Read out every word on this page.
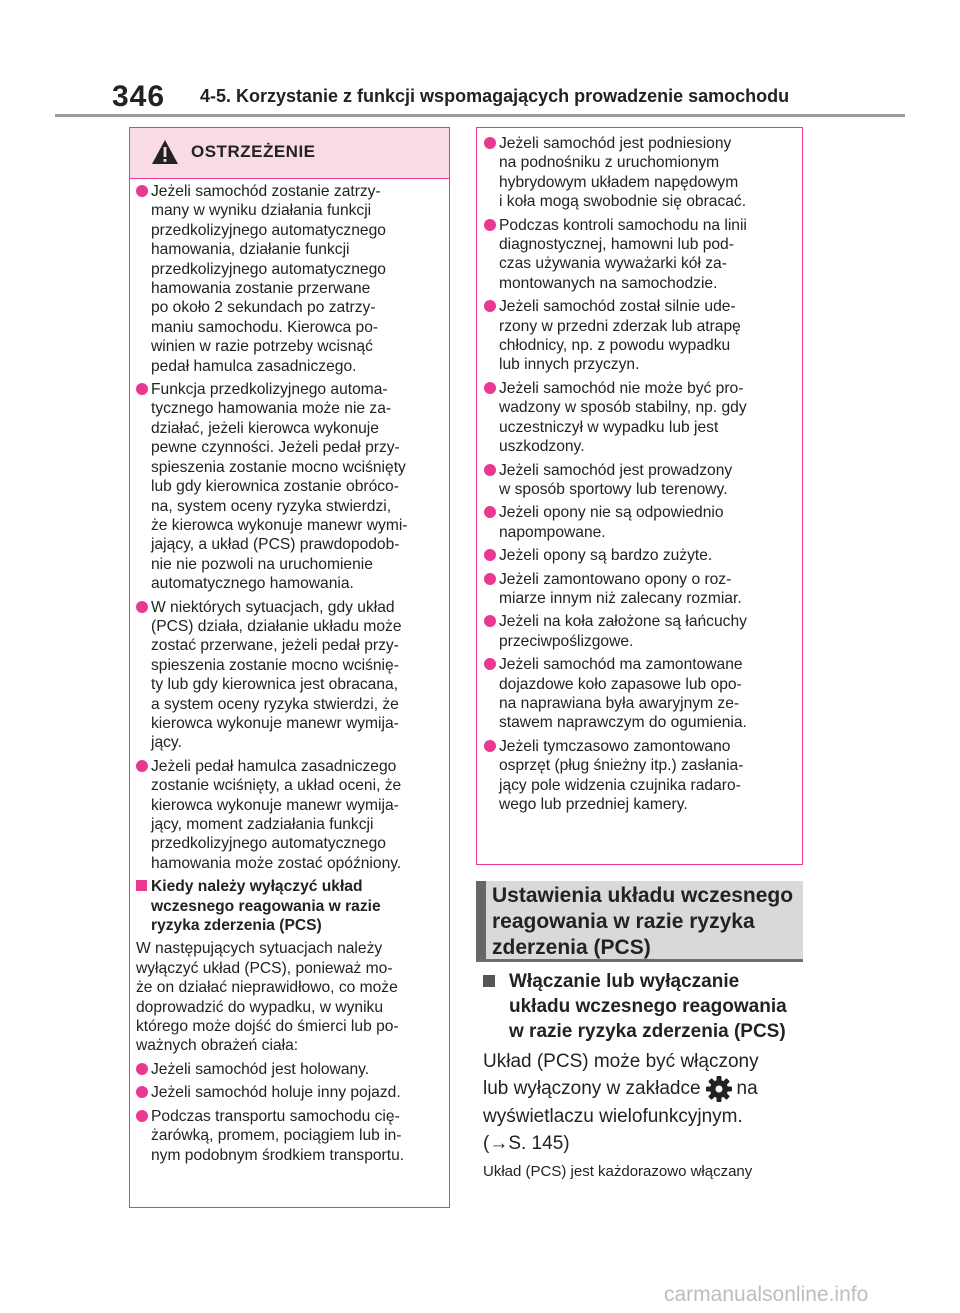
346 4-5. Korzystanie z funkcji wspomagających prowadzenie samochodu
OSTRZEŻENIE
Jeżeli samochód zostanie zatrzy-
many w wyniku działania funkcji
przedkolizyjnego automatycznego
hamowania, działanie funkcji
przedkolizyjnego automatycznego
hamowania zostanie przerwane
po około 2 sekundach po zatrzy-
maniu samochodu. Kierowca po-
winien w razie potrzeby wcisnąć
pedał hamulca zasadniczego.
Funkcja przedkolizyjnego automa-
tycznego hamowania może nie za-
działać, jeżeli kierowca wykonuje
pewne czynności. Jeżeli pedał przy-
spieszenia zostanie mocno wciśnięty
lub gdy kierownica zostanie obróco-
na, system oceny ryzyka stwierdzi,
że kierowca wykonuje manewr wymi-
jający, a układ (PCS) prawdopodob-
nie nie pozwoli na uruchomienie
automatycznego hamowania.
W niektórych sytuacjach, gdy układ
(PCS) działa, działanie układu może
zostać przerwane, jeżeli pedał przy-
spieszenia zostanie mocno wciśnię-
ty lub gdy kierownica jest obracana,
a system oceny ryzyka stwierdzi, że
kierowca wykonuje manewr wymija-
jący.
Jeżeli pedał hamulca zasadniczego
zostanie wciśnięty, a układ oceni, że
kierowca wykonuje manewr wymija-
jący, moment zadziałania funkcji
przedkolizyjnego automatycznego
hamowania może zostać opóźniony.
Kiedy należy wyłączyć układ
wczesnego reagowania w razie
ryzyka zderzenia (PCS)
W następujących sytuacjach należy
wyłączyć układ (PCS), ponieważ mo-
że on działać nieprawidłowo, co może
doprowadzić do wypadku, w wyniku
którego może dojść do śmierci lub po-
ważnych obrażeń ciała:
Jeżeli samochód jest holowany.
Jeżeli samochód holuje inny pojazd.
Podczas transportu samochodu cię-
żarówką, promem, pociągiem lub in-
nym podobnym środkiem transportu.
Jeżeli samochód jest podniesiony
na podnośniku z uruchomionym
hybrydowym układem napędowym
i koła mogą swobodnie się obracać.
Podczas kontroli samochodu na linii
diagnostycznej, hamowni lub pod-
czas używania wyważarki kół za-
montowanych na samochodzie.
Jeżeli samochód został silnie ude-
rzony w przedni zderzak lub atrapę
chłodnicy, np. z powodu wypadku
lub innych przyczyn.
Jeżeli samochód nie może być pro-
wadzony w sposób stabilny, np. gdy
uczestniczył w wypadku lub jest
uszkodzony.
Jeżeli samochód jest prowadzony
w sposób sportowy lub terenowy.
Jeżeli opony nie są odpowiednio
napompowane.
Jeżeli opony są bardzo zużyte.
Jeżeli zamontowano opony o roz-
miarze innym niż zalecany rozmiar.
Jeżeli na koła założone są łańcuchy
przeciwpoślizgowe.
Jeżeli samochód ma zamontowane
dojazdowe koło zapasowe lub opo-
na naprawiana była awaryjnym ze-
stawem naprawczym do ogumienia.
Jeżeli tymczasowo zamontowano
osprzęt (pług śnieżny itp.) zasłania-
jący pole widzenia czujnika radaro-
wego lub przedniej kamery.
Ustawienia układu wczesnego
reagowania w razie ryzyka
zderzenia (PCS)
Włączanie lub wyłączanie
układu wczesnego reagowania
w razie ryzyka zderzenia (PCS)
Układ (PCS) może być włączony
lub wyłączony w zakładce na
wyświetlaczu wielofunkcyjnym.
(→S. 145)
Układ (PCS) jest każdorazowo włączany
carmanualsonline.info
